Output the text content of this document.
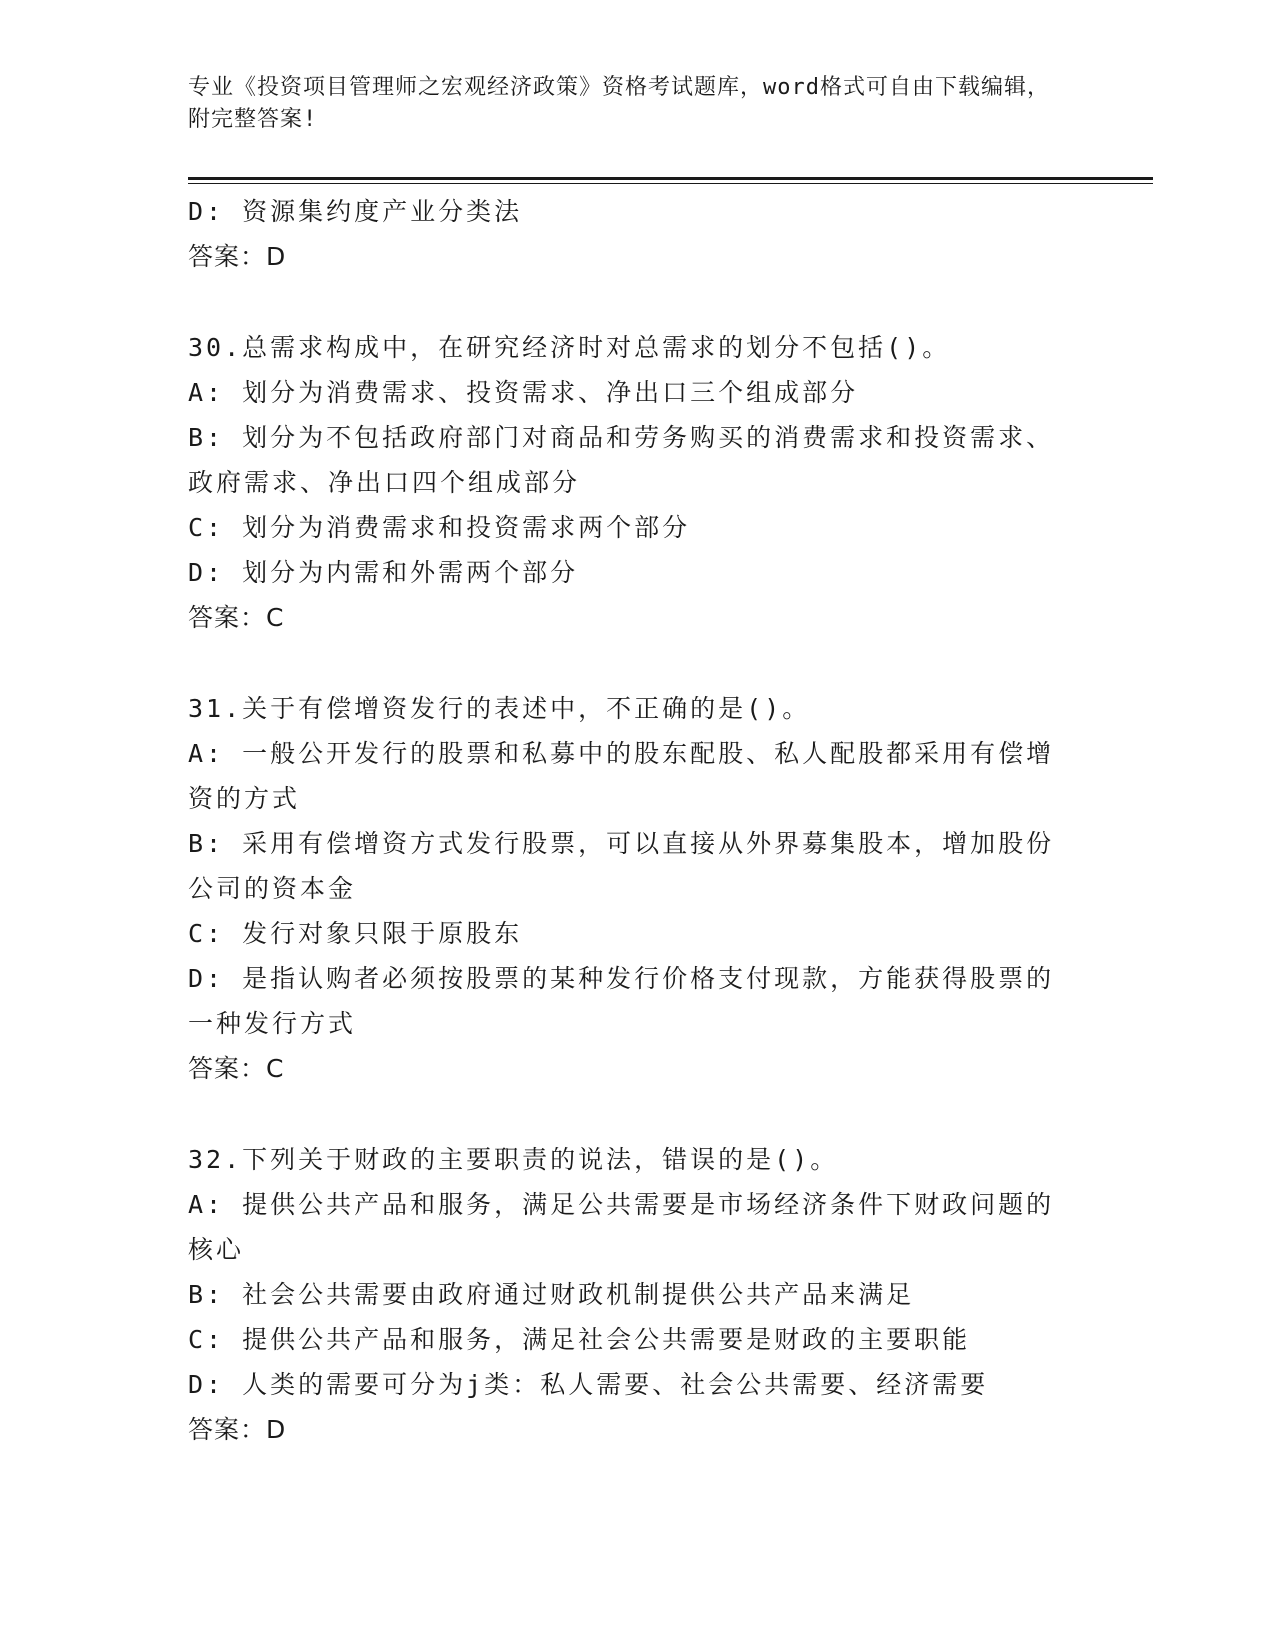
专业《投资项目管理师之宏观经济政策》资格考试题库，word格式可自由下载编辑，附完整答案!
D: 资源集约度产业分类法
答案：D
30.总需求构成中，在研究经济时对总需求的划分不包括()。
A: 划分为消费需求、投资需求、净出口三个组成部分
B: 划分为不包括政府部门对商品和劳务购买的消费需求和投资需求、政府需求、净出口四个组成部分
C: 划分为消费需求和投资需求两个部分
D: 划分为内需和外需两个部分
答案：C
31.关于有偿增资发行的表述中，不正确的是()。
A: 一般公开发行的股票和私募中的股东配股、私人配股都采用有偿增资的方式
B: 采用有偿增资方式发行股票，可以直接从外界募集股本，增加股份公司的资本金
C: 发行对象只限于原股东
D: 是指认购者必须按股票的某种发行价格支付现款，方能获得股票的一种发行方式
答案：C
32.下列关于财政的主要职责的说法，错误的是()。
A: 提供公共产品和服务，满足公共需要是市场经济条件下财政问题的核心
B: 社会公共需要由政府通过财政机制提供公共产品来满足
C: 提供公共产品和服务，满足社会公共需要是财政的主要职能
D: 人类的需要可分为j类：私人需要、社会公共需要、经济需要
答案：D
